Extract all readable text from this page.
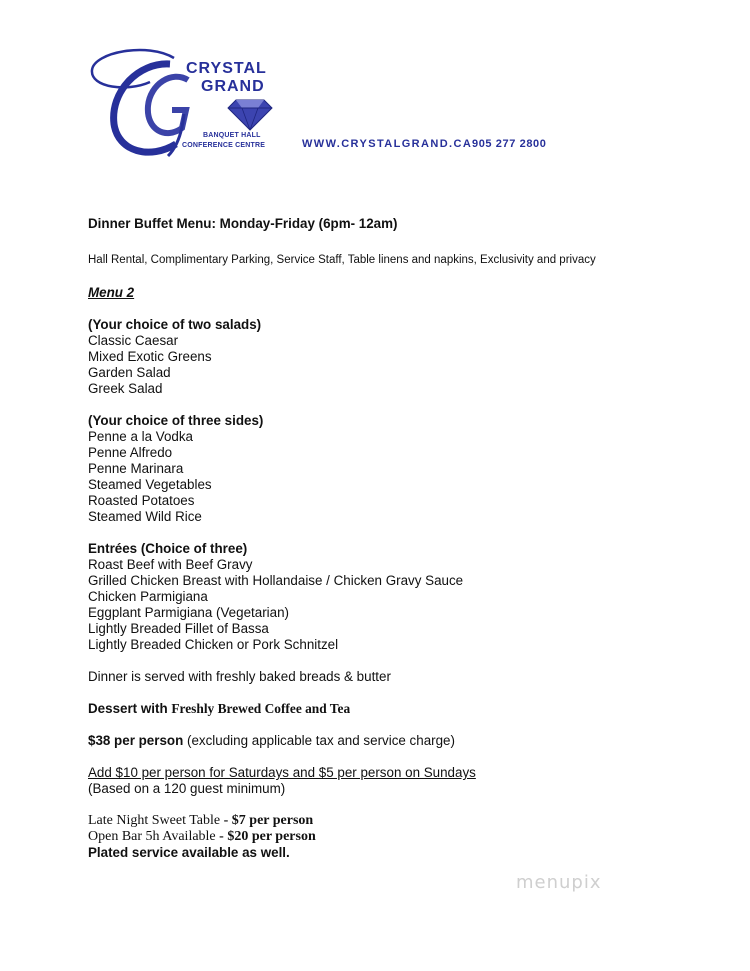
CRYSTAL
GRAND
BANQUET HALL
CONFERENCE CENTRE	WWW.CRYSTALGRAND.CA 905 277 2800
Dinner Buffet Menu: Monday-Friday (6pm- 12am)
Hall Rental, Complimentary Parking, Service Staff, Table linens and napkins, Exclusivity and privacy
Menu 2
(Your choice of two salads)
Classic Caesar
Mixed Exotic Greens
Garden Salad
Greek Salad
(Your choice of three sides)
Penne a la Vodka
Penne Alfredo
Penne Marinara
Steamed Vegetables
Roasted Potatoes
Steamed Wild Rice
Entrées (Choice of three)
Roast Beef with Beef Gravy
Grilled Chicken Breast with Hollandaise / Chicken Gravy Sauce
Chicken Parmigiana
Eggplant Parmigiana (Vegetarian)
Lightly Breaded Fillet of Bassa
Lightly Breaded Chicken or Pork Schnitzel
Dinner is served with freshly baked breads & butter
Dessert with Freshly Brewed Coffee and Tea
$38 per person (excluding applicable tax and service charge)
Add $10 per person for Saturdays and $5 per person on Sundays
(Based on a 120 guest minimum)
Late Night Sweet Table - $7 per person
Open Bar 5h Available - $20 per person
Plated service available as well.
menupix
